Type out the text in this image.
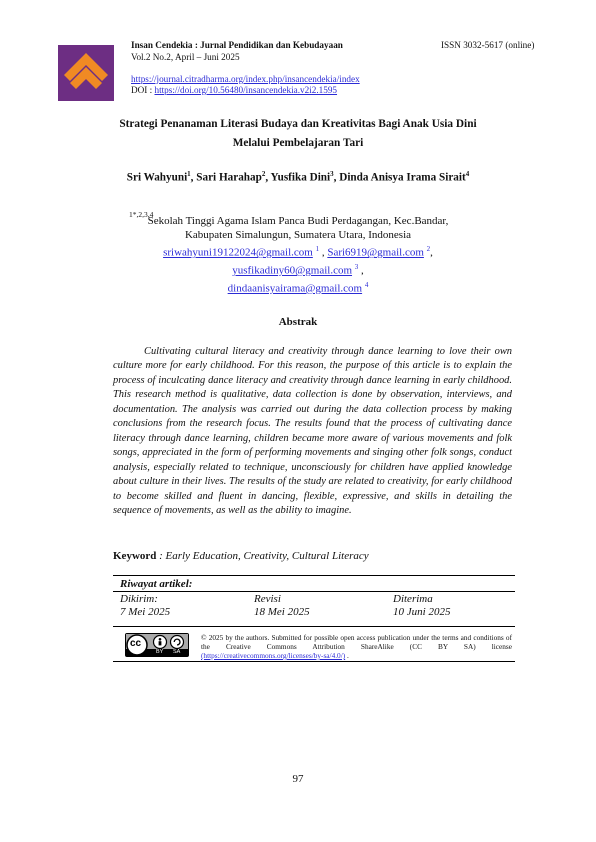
Insan Cendekia : Jurnal Pendidikan dan Kebudayaan	ISSN 3032-5617 (online)
Vol.2 No.2, April – Juni 2025
https://journal.citradharma.org/index.php/insancendekia/index
DOI : https://doi.org/10.56480/insancendekia.v2i2.1595
Strategi Penanaman Literasi Budaya dan Kreativitas Bagi Anak Usia Dini
Melalui Pembelajaran Tari
Sri Wahyuni$^1$, Sari Harahap$^2$, Yusfika Dini$^3$, Dinda Anisya Irama Sirait$^4$
1*,2,3,4
Sekolah Tinggi Agama Islam Panca Budi Perdagangan, Kec.Bandar,
Kabupaten Simalungun, Sumatera Utara, Indonesia
sriwahyuni19122024@gmail.com $^1$ , Sari6919@gmail.com $^2$,
yusfikadiny60@gmail.com $^3$ ,
dindaanisyairama@gmail.com $^4$
Abstrak
Cultivating cultural literacy and creativity through dance learning to love their own culture more for early childhood. For this reason, the purpose of this article is to explain the process of inculcating dance literacy and creativity through dance learning in early childhood. This research method is qualitative, data collection is done by observation, interviews, and documentation. The analysis was carried out during the data collection process by making conclusions from the research focus. The results found that the process of cultivating dance literacy through dance learning, children became more aware of various movements and folk songs, appreciated in the form of performing movements and singing other folk songs, conduct analysis, especially related to technique, unconsciously for children have applied knowledge about culture in their lives. The results of the study are related to creativity, for early childhood to become skilled and fluent in dancing, flexible, expressive, and skills in detailing the sequence of movements, as well as the ability to imagine.
Keyword : Early Education, Creativity, Cultural Literacy
Riwayat artikel:
Dikirim:
7 Mei 2025
Revisi
18 Mei 2025
Diterima
10 Juni 2025
cc
BY SA
© 2025 by the authors. Submitted for possible open access publication under the terms and conditions of the Creative Commons Attribution ShareAlike (CC BY SA) license (https://creativecommons.org/licenses/by-sa/4.0/) .
97
